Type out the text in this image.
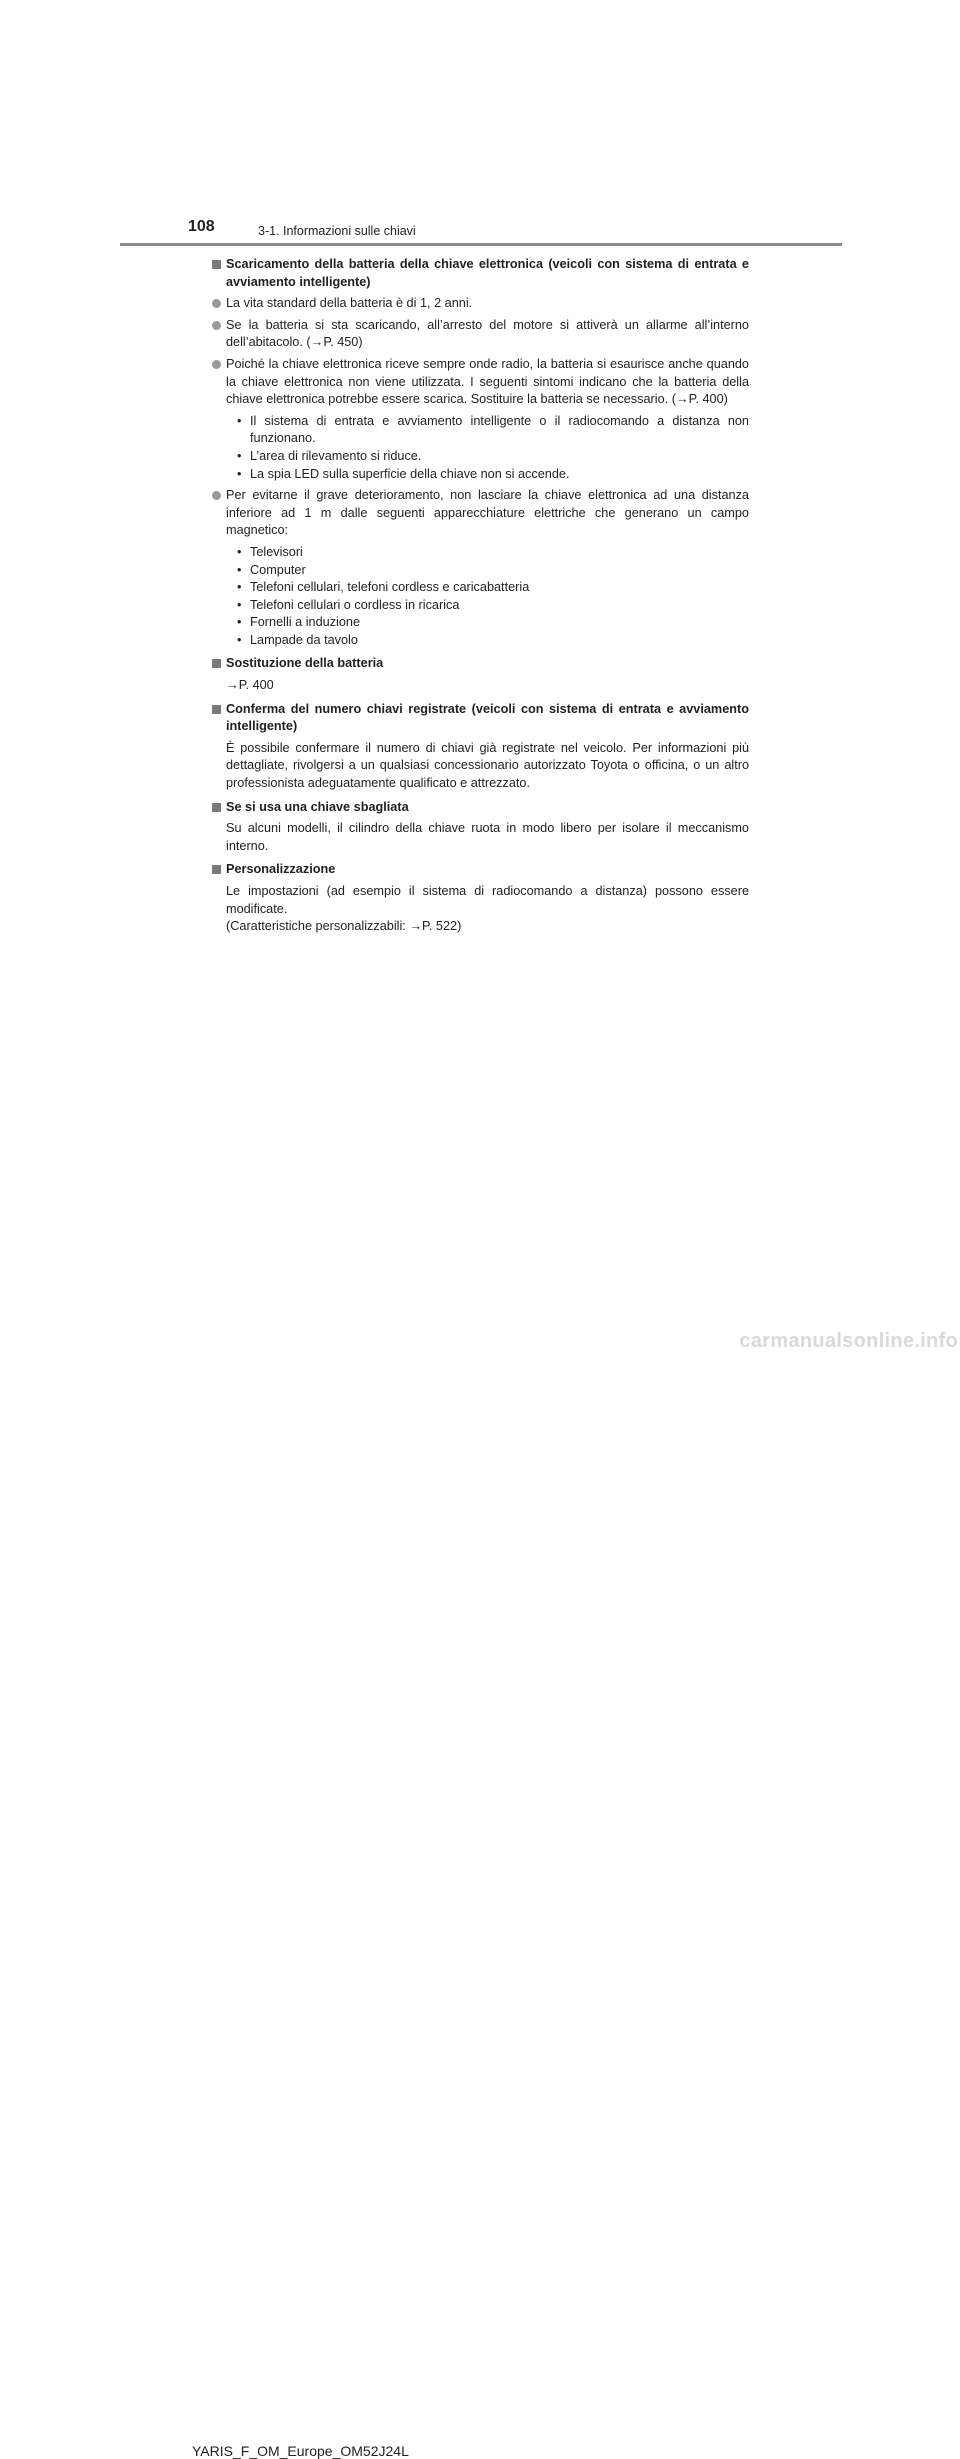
108	3-1. Informazioni sulle chiavi
Scaricamento della batteria della chiave elettronica (veicoli con sistema di entrata e avviamento intelligente)
La vita standard della batteria è di 1, 2 anni.
Se la batteria si sta scaricando, all’arresto del motore si attiverà un allarme all’interno dell’abitacolo. (→P. 450)
Poiché la chiave elettronica riceve sempre onde radio, la batteria si esaurisce anche quando la chiave elettronica non viene utilizzata. I seguenti sintomi indicano che la batteria della chiave elettronica potrebbe essere scarica. Sostituire la batteria se necessario. (→P. 400)
• Il sistema di entrata e avviamento intelligente o il radiocomando a distanza non funzionano.
• L’area di rilevamento si riduce.
• La spia LED sulla superficie della chiave non si accende.
Per evitarne il grave deterioramento, non lasciare la chiave elettronica ad una distanza inferiore ad 1 m dalle seguenti apparecchiature elettriche che generano un campo magnetico:
• Televisori
• Computer
• Telefoni cellulari, telefoni cordless e caricabatteria
• Telefoni cellulari o cordless in ricarica
• Fornelli a induzione
• Lampade da tavolo
Sostituzione della batteria
→P. 400
Conferma del numero chiavi registrate (veicoli con sistema di entrata e avviamento intelligente)
È possibile confermare il numero di chiavi già registrate nel veicolo. Per informazioni più dettagliate, rivolgersi a un qualsiasi concessionario autorizzato Toyota o officina, o un altro professionista adeguatamente qualificato e attrezzato.
Se si usa una chiave sbagliata
Su alcuni modelli, il cilindro della chiave ruota in modo libero per isolare il meccanismo interno.
Personalizzazione
Le impostazioni (ad esempio il sistema di radiocomando a distanza) possono essere modificate.
(Caratteristiche personalizzabili: →P. 522)
YARIS_F_OM_Europe_OM52J24L
carmanualsonline.info
